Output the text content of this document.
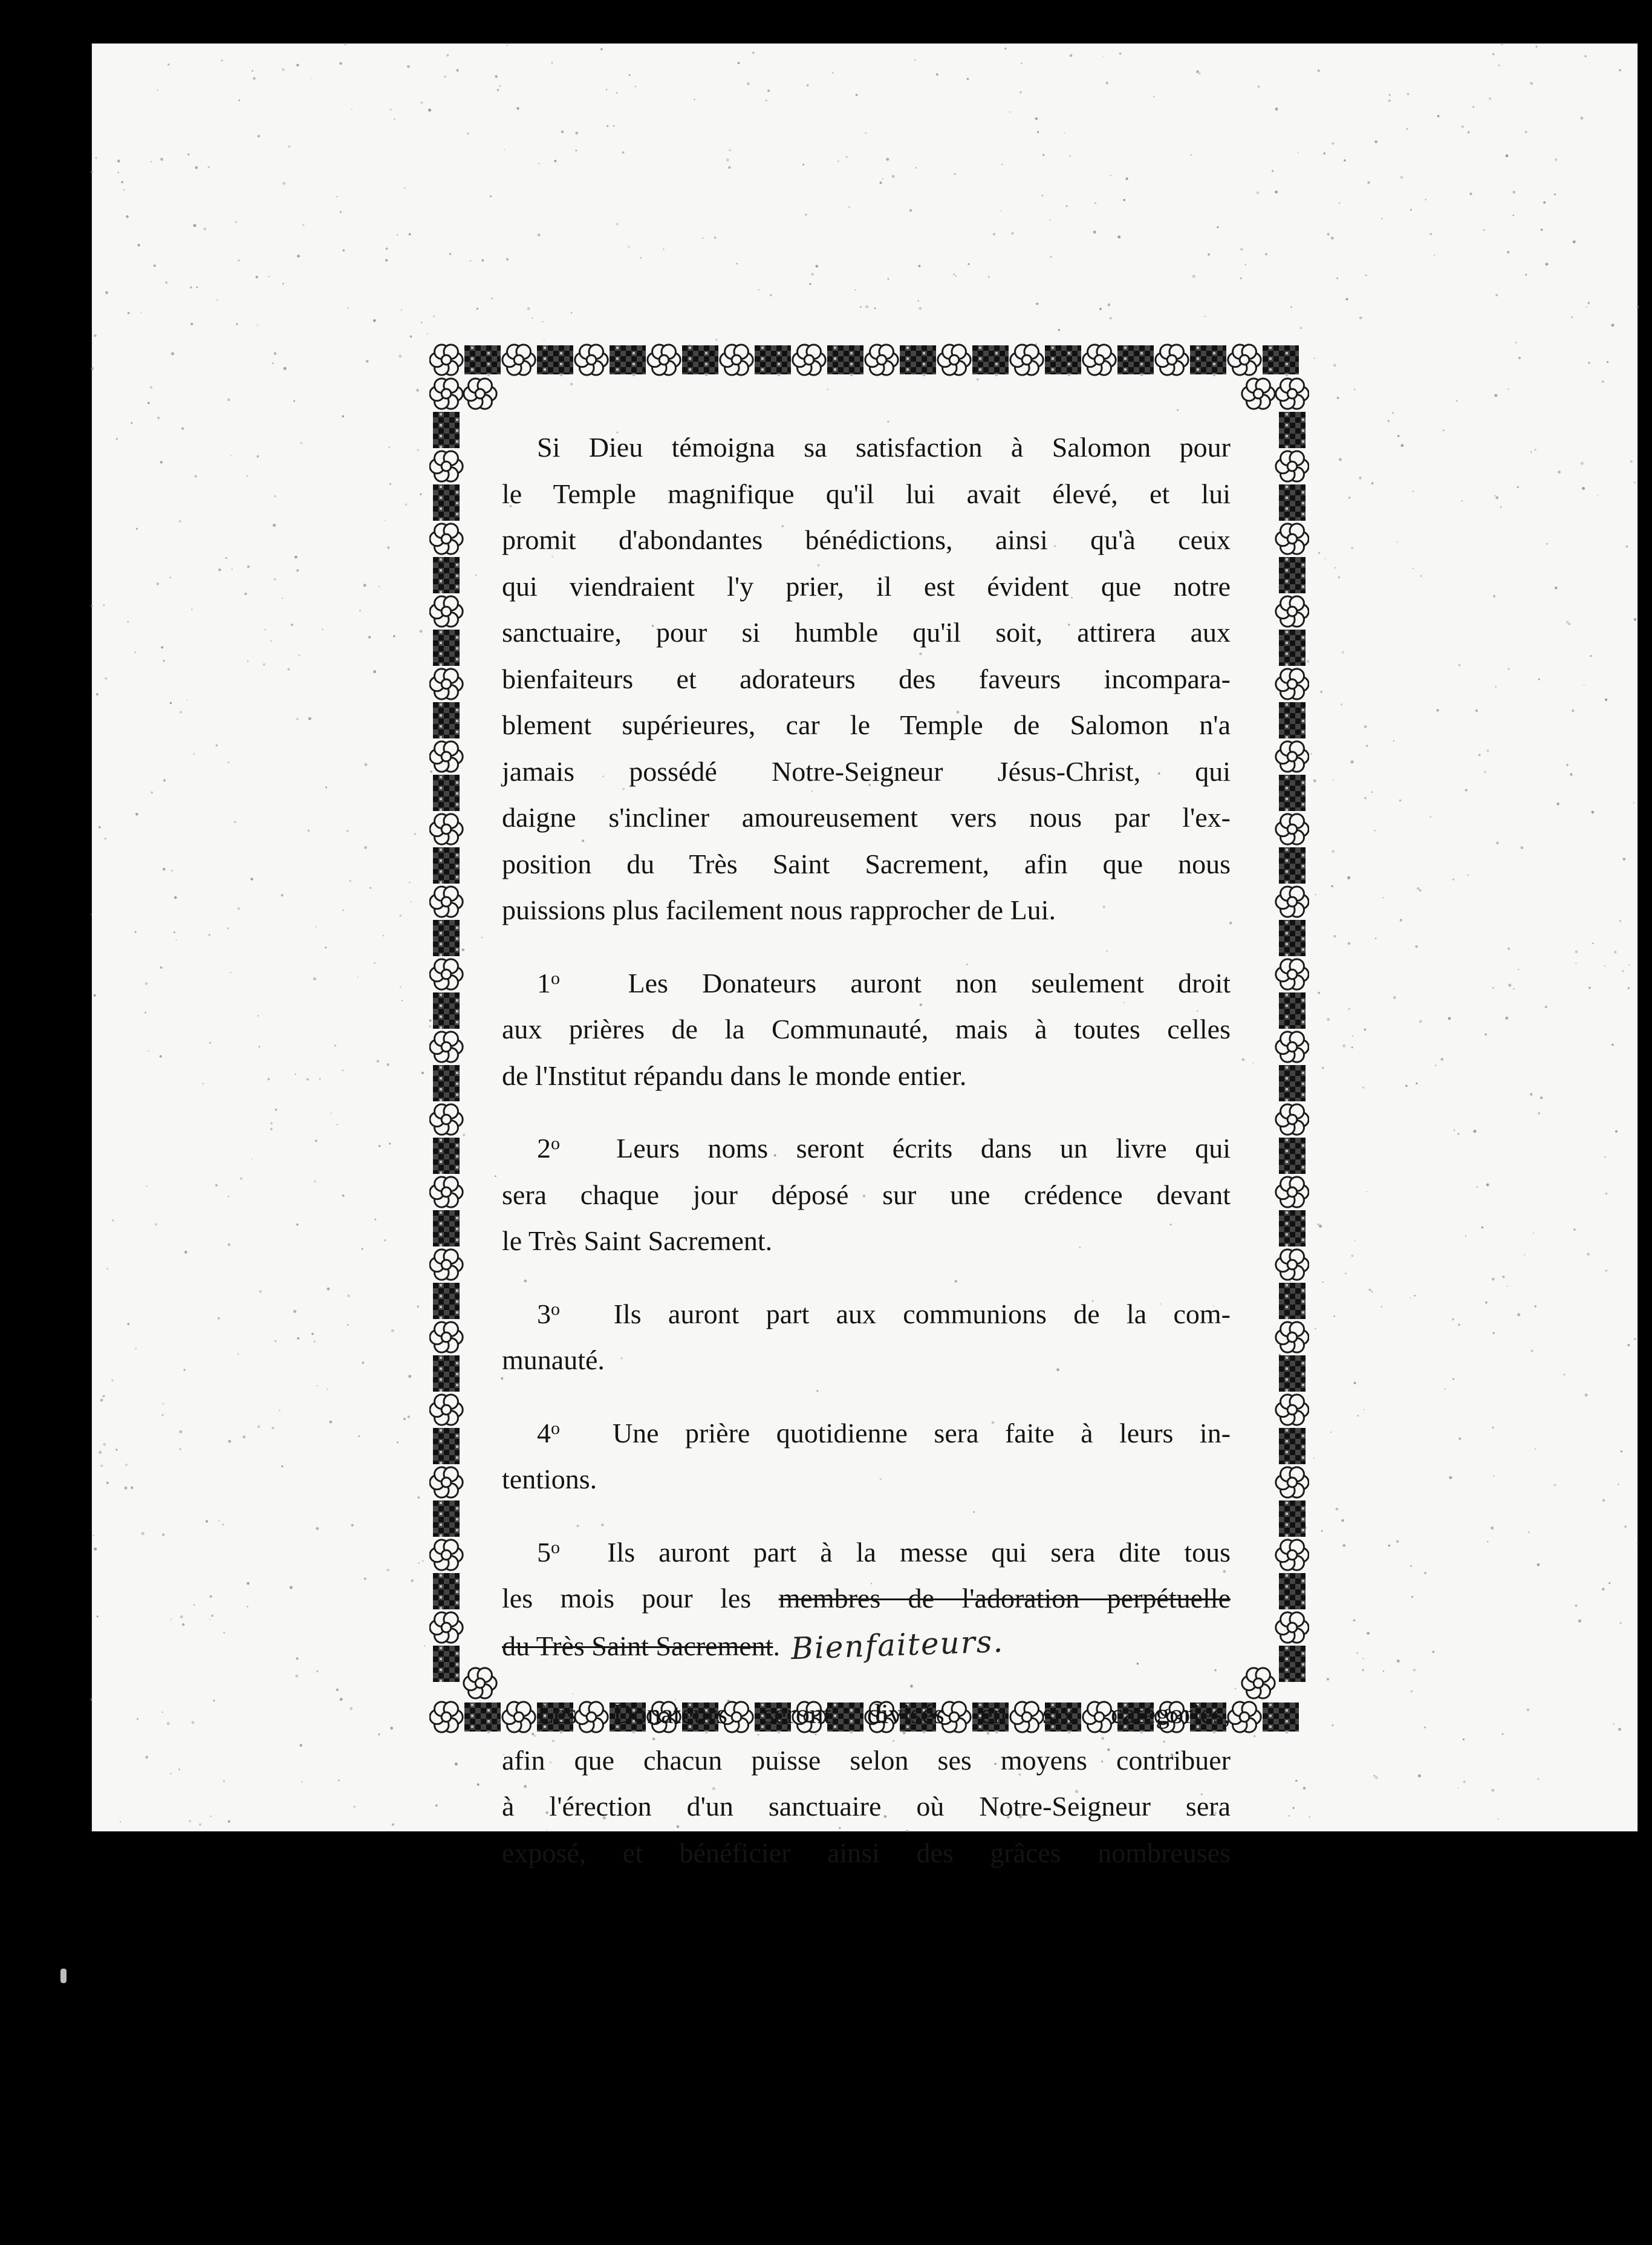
Si Dieu témoigna sa satisfaction à Salomon pour

le Temple magnifique qu'il lui avait élevé, et lui

promit d'abondantes bénédictions, ainsi qu'à ceux

qui viendraient l'y prier, il est évident que notre

sanctuaire, pour si humble qu'il soit, attirera aux

bienfaiteurs et adorateurs des faveurs incompara-

blement supérieures, car le Temple de Salomon n'a

jamais possédé Notre-Seigneur Jésus-Christ, qui

daigne s'incliner amoureusement vers nous par l'ex-

position du Très Saint Sacrement, afin que nous

puissions plus facilement nous rapprocher de Lui.

1$^o$ Les Donateurs auront non seulement droit

aux prières de la Communauté, mais à toutes celles

de l'Institut répandu dans le monde entier.

2$^o$ Leurs noms seront écrits dans un livre qui

sera chaque jour déposé sur une crédence devant

le Très Saint Sacrement.

3$^o$ Ils auront part aux communions de la com-

munauté.

4$^o$ Une prière quotidienne sera faite à leurs in-

tentions.

5$^o$ Ils auront part à la messe qui sera dite tous

les mois pour les membres de l'adoration perpétuelle

du Très Saint Sacrement. Bienfaiteurs.

Les Donateurs seront divisés en six catégories,

afin que chacun puisse selon ses moyens contribuer

à l'érection d'un sanctuaire où Notre-Seigneur sera

exposé, et bénéficier ainsi des grâces nombreuses
